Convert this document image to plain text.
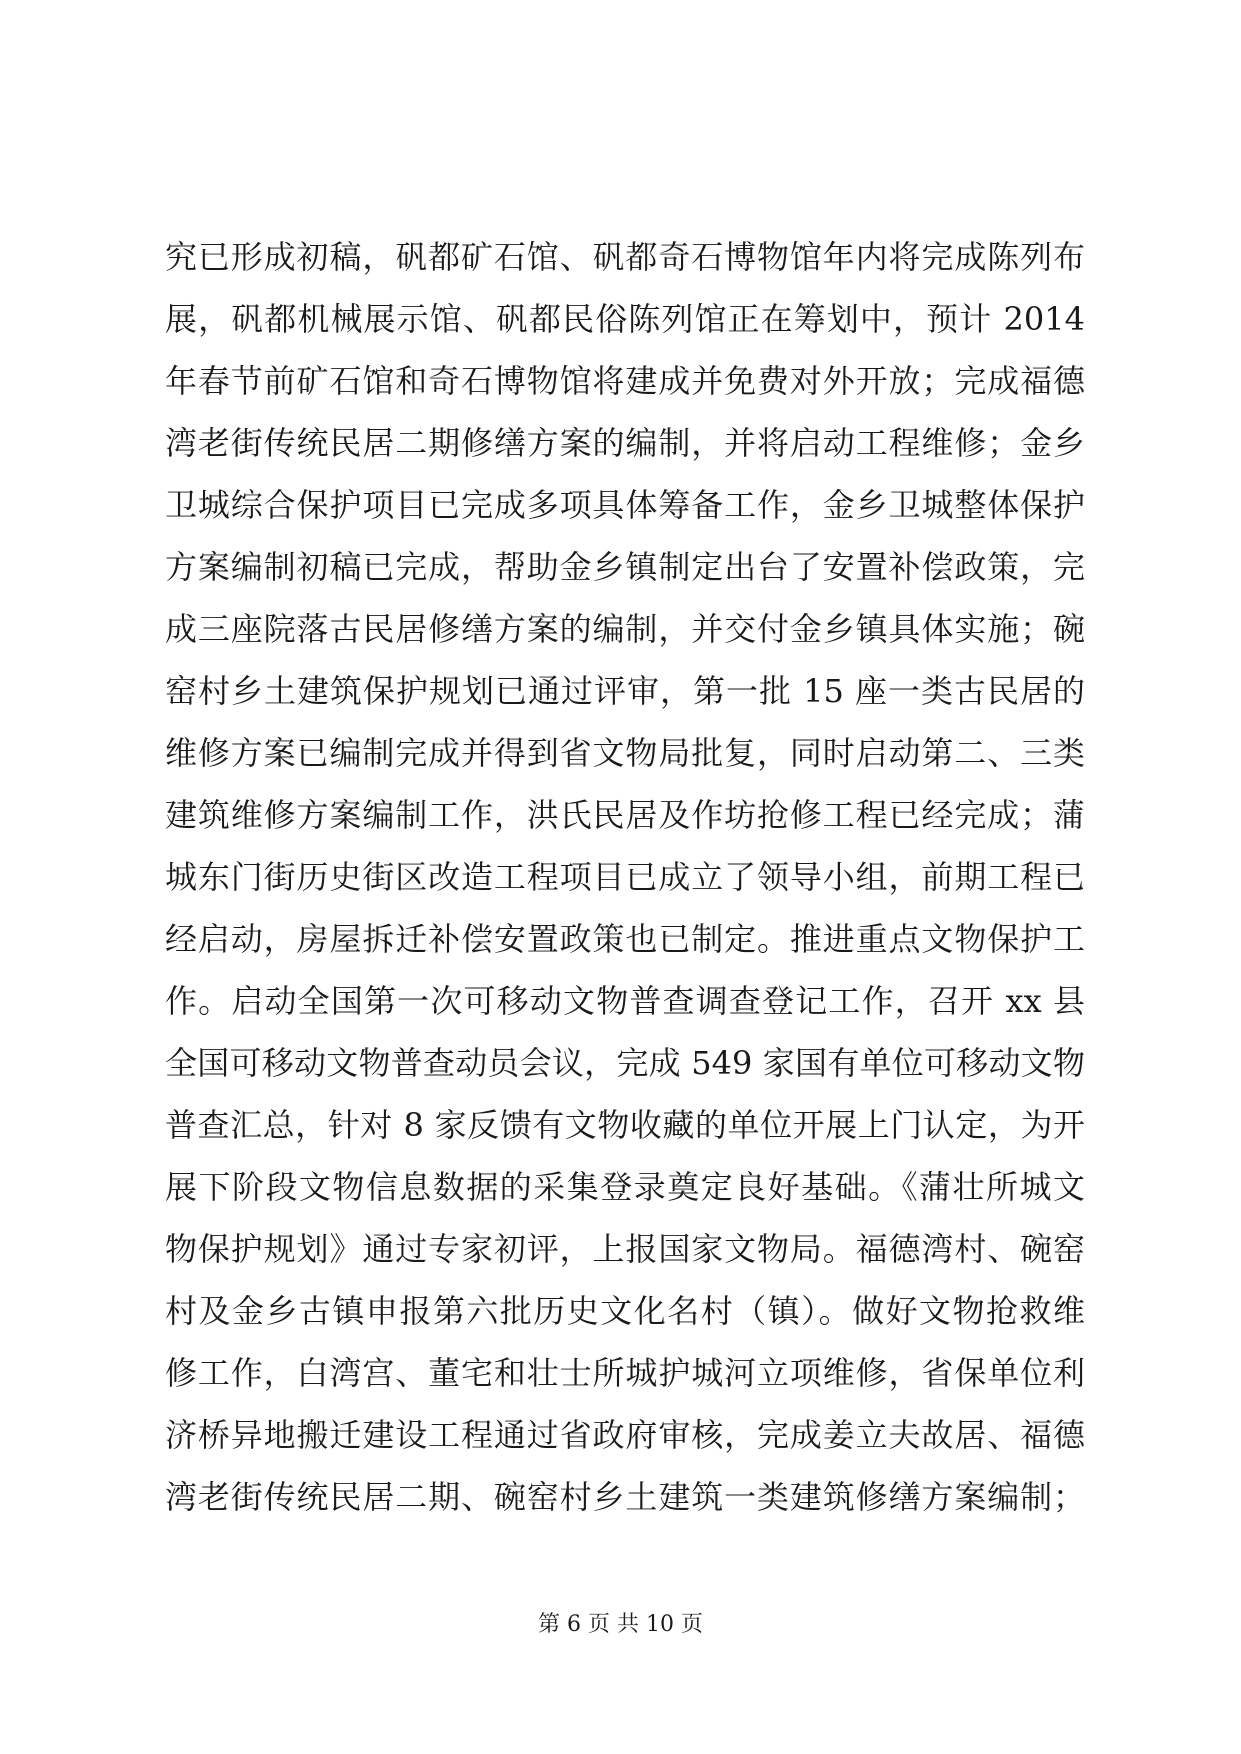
究已形成初稿，矾都矿石馆、矾都奇石博物馆年内将完成陈列布
展，矾都机械展示馆、矾都民俗陈列馆正在筹划中，预计 2014
年春节前矿石馆和奇石博物馆将建成并免费对外开放；完成福德
湾老街传统民居二期修缮方案的编制，并将启动工程维修；金乡
卫城综合保护项目已完成多项具体筹备工作，金乡卫城整体保护
方案编制初稿已完成，帮助金乡镇制定出台了安置补偿政策，完
成三座院落古民居修缮方案的编制，并交付金乡镇具体实施；碗
窑村乡土建筑保护规划已通过评审，第一批 15 座一类古民居的
维修方案已编制完成并得到省文物局批复，同时启动第二、三类
建筑维修方案编制工作，洪氏民居及作坊抢修工程已经完成；蒲
城东门街历史街区改造工程项目已成立了领导小组，前期工程已
经启动，房屋拆迁补偿安置政策也已制定。推进重点文物保护工
作。启动全国第一次可移动文物普查调查登记工作，召开 xx 县
全国可移动文物普查动员会议，完成 549 家国有单位可移动文物
普查汇总，针对 8 家反馈有文物收藏的单位开展上门认定，为开
展下阶段文物信息数据的采集登录奠定良好基础。《蒲壮所城文
物保护规划》通过专家初评，上报国家文物局。福德湾村、碗窑
村及金乡古镇申报第六批历史文化名村（镇）。做好文物抢救维
修工作，白湾宫、董宅和壮士所城护城河立项维修，省保单位利
济桥异地搬迁建设工程通过省政府审核，完成姜立夫故居、福德
湾老街传统民居二期、碗窑村乡土建筑一类建筑修缮方案编制；
第 6 页 共 10 页
